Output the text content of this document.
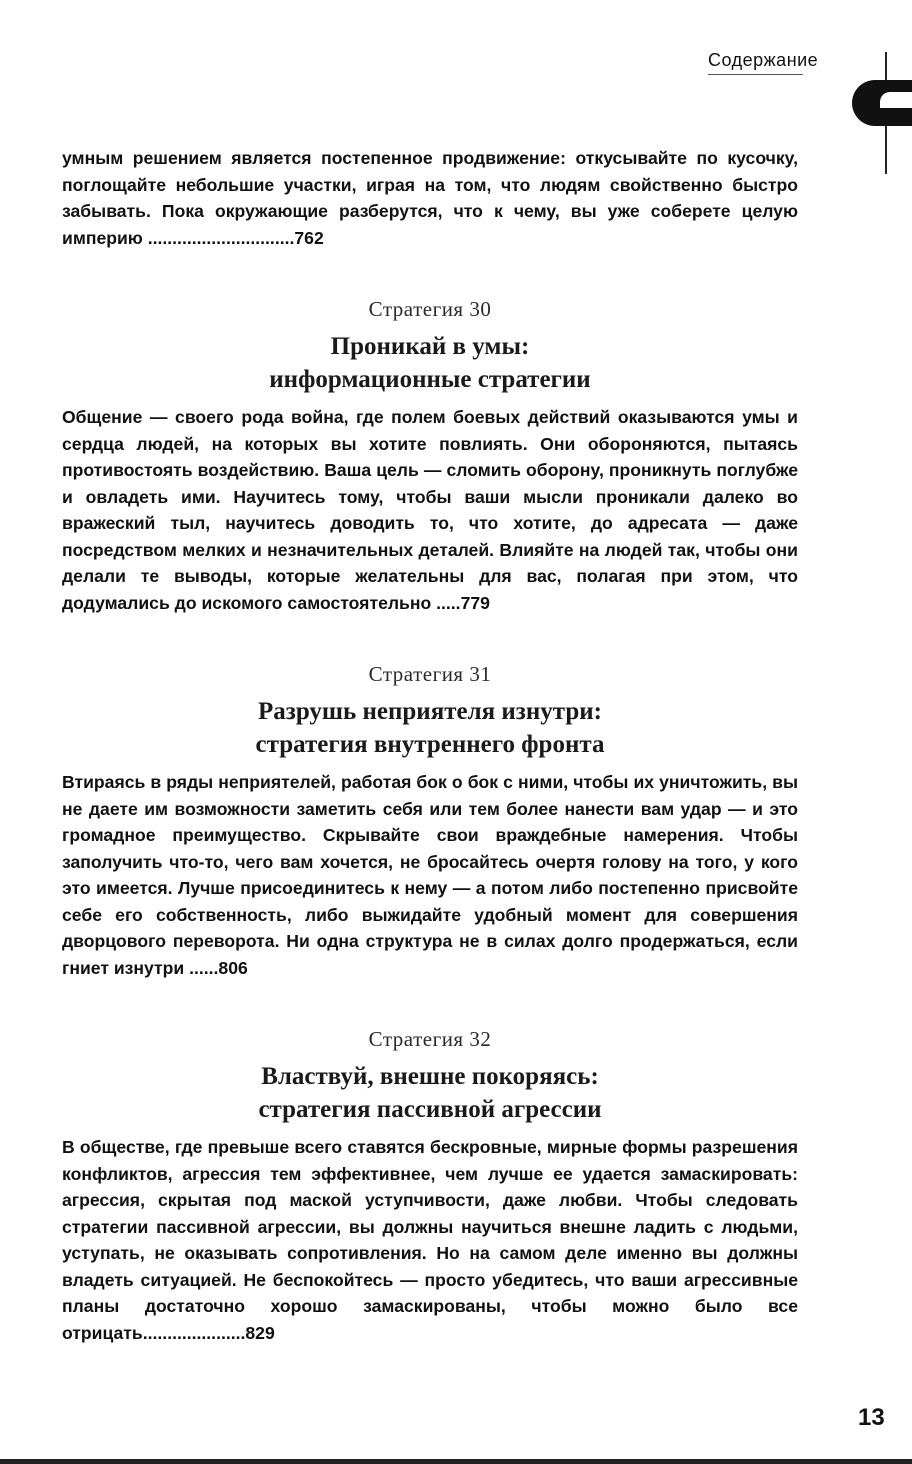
Содержание

умным решением является постепенное продвижение: откусывайте по кусочку, поглощайте небольшие участки, играя на том, что людям свойственно быстро забывать. Пока окружающие разберутся, что к чему, вы уже соберете целую империю ..............................762

Стратегия 30
Проникай в умы:
информационные стратегии

Общение — своего рода война, где полем боевых действий оказываются умы и сердца людей, на которых вы хотите повлиять. Они обороняются, пытаясь противостоять воздействию. Ваша цель — сломить оборону, проникнуть поглубже и овладеть ими. Научитесь тому, чтобы ваши мысли проникали далеко во вражеский тыл, научитесь доводить то, что хотите, до адресата — даже посредством мелких и незначительных деталей. Влияйте на людей так, чтобы они делали те выводы, которые желательны для вас, полагая при этом, что додумались до искомого самостоятельно .....779

Стратегия 31
Разрушь неприятеля изнутри:
стратегия внутреннего фронта

Втираясь в ряды неприятелей, работая бок о бок с ними, чтобы их уничтожить, вы не даете им возможности заметить себя или тем более нанести вам удар — и это громадное преимущество. Скрывайте свои враждебные намерения. Чтобы заполучить что-то, чего вам хочется, не бросайтесь очертя голову на того, у кого это имеется. Лучше присоединитесь к нему — а потом либо постепенно присвойте себе его собственность, либо выжидайте удобный момент для совершения дворцового переворота. Ни одна структура не в силах долго продержаться, если гниет изнутри ......806

Стратегия 32
Властвуй, внешне покоряясь:
стратегия пассивной агрессии

В обществе, где превыше всего ставятся бескровные, мирные формы разрешения конфликтов, агрессия тем эффективнее, чем лучше ее удается замаскировать: агрессия, скрытая под маской уступчивости, даже любви. Чтобы следовать стратегии пассивной агрессии, вы должны научиться внешне ладить с людьми, уступать, не оказывать сопротивления. Но на самом деле именно вы должны владеть ситуацией. Не беспокойтесь — просто убедитесь, что ваши агрессивные планы достаточно хорошо замаскированы, чтобы можно было все отрицать.....................829

13
